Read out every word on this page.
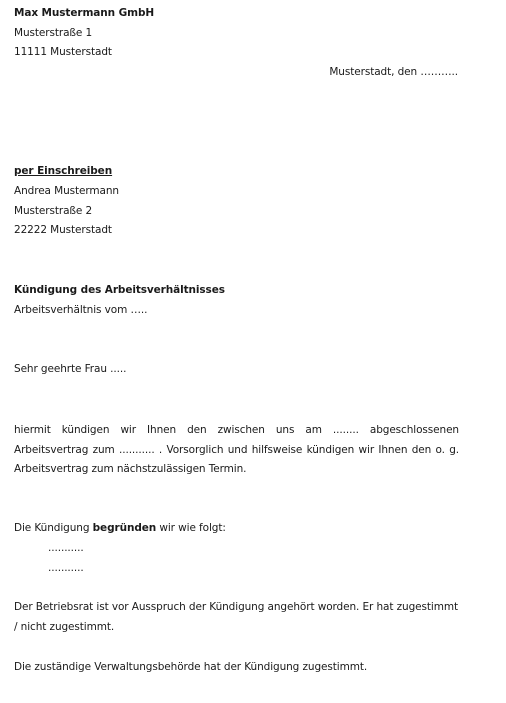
Max Mustermann GmbH
Musterstraße 1
11111 Musterstadt
Musterstadt, den ………..
per Einschreiben
Andrea Mustermann
Musterstraße 2
22222 Musterstadt
Kündigung des Arbeitsverhältnisses
Arbeitsverhältnis vom …..
Sehr geehrte Frau .....
hiermit kündigen wir Ihnen den zwischen uns am ........ abgeschlossenen
Arbeitsvertrag zum ........... . Vorsorglich und hilfsweise kündigen wir Ihnen den o. g.
Arbeitsvertrag zum nächstzulässigen Termin.
Die Kündigung begründen wir wie folgt:
...........
...........
Der Betriebsrat ist vor Ausspruch der Kündigung angehört worden. Er hat zugestimmt
/ nicht zugestimmt.
Die zuständige Verwaltungsbehörde hat der Kündigung zugestimmt.
